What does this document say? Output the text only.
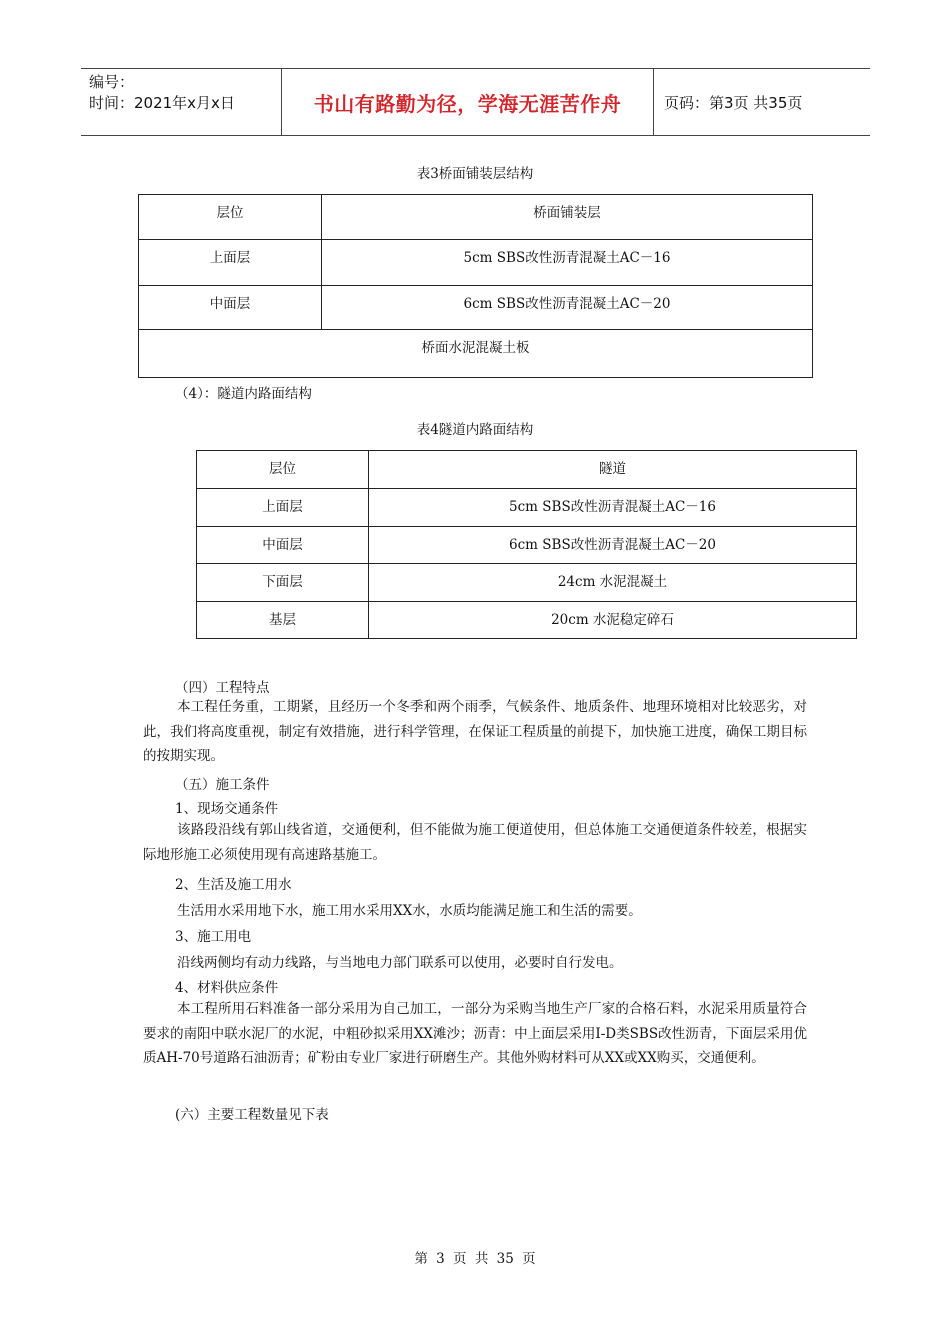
编号：
时间：2021年x月x日	书山有路勤为径，学海无涯苦作舟	页码：第3页 共35页
表3桥面铺装层结构
层位	桥面铺装层
上面层	5cm SBS改性沥青混凝土AC－16
中面层	6cm SBS改性沥青混凝土AC－20
桥面水泥混凝土板	
（4）：隧道内路面结构
表4隧道内路面结构
层位	隧道
上面层	5cm SBS改性沥青混凝土AC－16
中面层	6cm SBS改性沥青混凝土AC－20
下面层	24cm 水泥混凝土
基层	20cm 水泥稳定碎石
（四）工程特点
本工程任务重，工期紧，且经历一个冬季和两个雨季，气候条件、地质条件、地理环境相对比较恶劣，对此，我们将高度重视，制定有效措施，进行科学管理，在保证工程质量的前提下，加快施工进度，确保工期目标的按期实现。
（五）施工条件
1、现场交通条件
该路段沿线有郭山线省道，交通便利，但不能做为施工便道使用，但总体施工交通便道条件较差，根据实际地形施工必须使用现有高速路基施工。
2、生活及施工用水
生活用水采用地下水，施工用水采用XX水，水质均能满足施工和生活的需要。
3、施工用电
沿线两侧均有动力线路，与当地电力部门联系可以使用，必要时自行发电。
4、材料供应条件
本工程所用石料准备一部分采用为自己加工，一部分为采购当地生产厂家的合格石料，水泥采用质量符合要求的南阳中联水泥厂的水泥，中粗砂拟采用XX滩沙；沥青：中上面层采用I-D类SBS改性沥青，下面层采用优质AH-70号道路石油沥青；矿粉由专业厂家进行研磨生产。其他外购材料可从XX或XX购买，交通便利。
(六）主要工程数量见下表
第 3 页 共 35 页
